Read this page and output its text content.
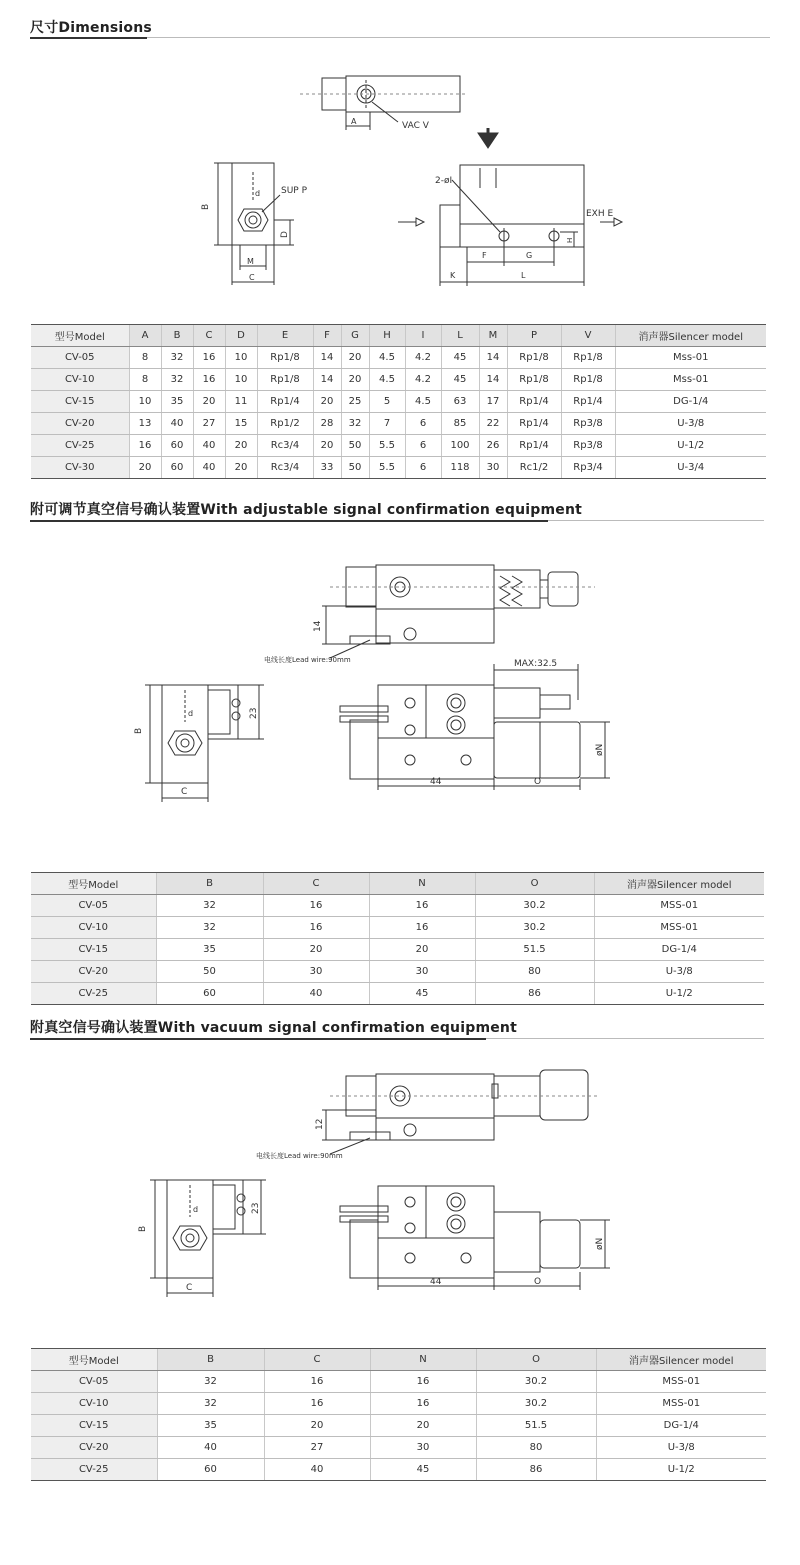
尺寸Dimensions
A	VAC V
B
d SUP P
D
M
C
2-øI
EXH E
F	G
H
K	L
型号Model	A	B	C	D	E	F	G	H	I	L	M	P	V	消声器Silencer model
CV-05	8	32	16	10	Rp1/8	14	20	4.5	4.2	45	14	Rp1/8	Rp1/8	Mss-01
CV-10	8	32	16	10	Rp1/8	14	20	4.5	4.2	45	14	Rp1/8	Rp1/8	Mss-01
CV-15	10	35	20	11	Rp1/4	20	25	5	4.5	63	17	Rp1/4	Rp1/4	DG-1/4
CV-20	13	40	27	15	Rp1/2	28	32	7	6	85	22	Rp1/4	Rp3/8	U-3/8
CV-25	16	60	40	20	Rc3/4	20	50	5.5	6	100	26	Rp1/4	Rp3/8	U-1/2
CV-30	20	60	40	20	Rc3/4	33	50	5.5	6	118	30	Rc1/2	Rp3/4	U-3/4
附可调节真空信号确认装置With adjustable signal confirmation equipment
14
电线长度Lead wire:90mm	MAX:32.5
B
d	23
C
øN
44	O
型号Model	B	C	N	O	消声器Silencer model
CV-05	32	16	16	30.2	MSS-01
CV-10	32	16	16	30.2	MSS-01
CV-15	35	20	20	51.5	DG-1/4
CV-20	50	30	30	80	U-3/8
CV-25	60	40	45	86	U-1/2
附真空信号确认装置With vacuum signal confirmation equipment
12
电线长度Lead wire:90mm
B
d	23
C
øN
44	O
型号Model	B	C	N	O	消声器Silencer model
CV-05	32	16	16	30.2	MSS-01
CV-10	32	16	16	30.2	MSS-01
CV-15	35	20	20	51.5	DG-1/4
CV-20	40	27	30	80	U-3/8
CV-25	60	40	45	86	U-1/2
